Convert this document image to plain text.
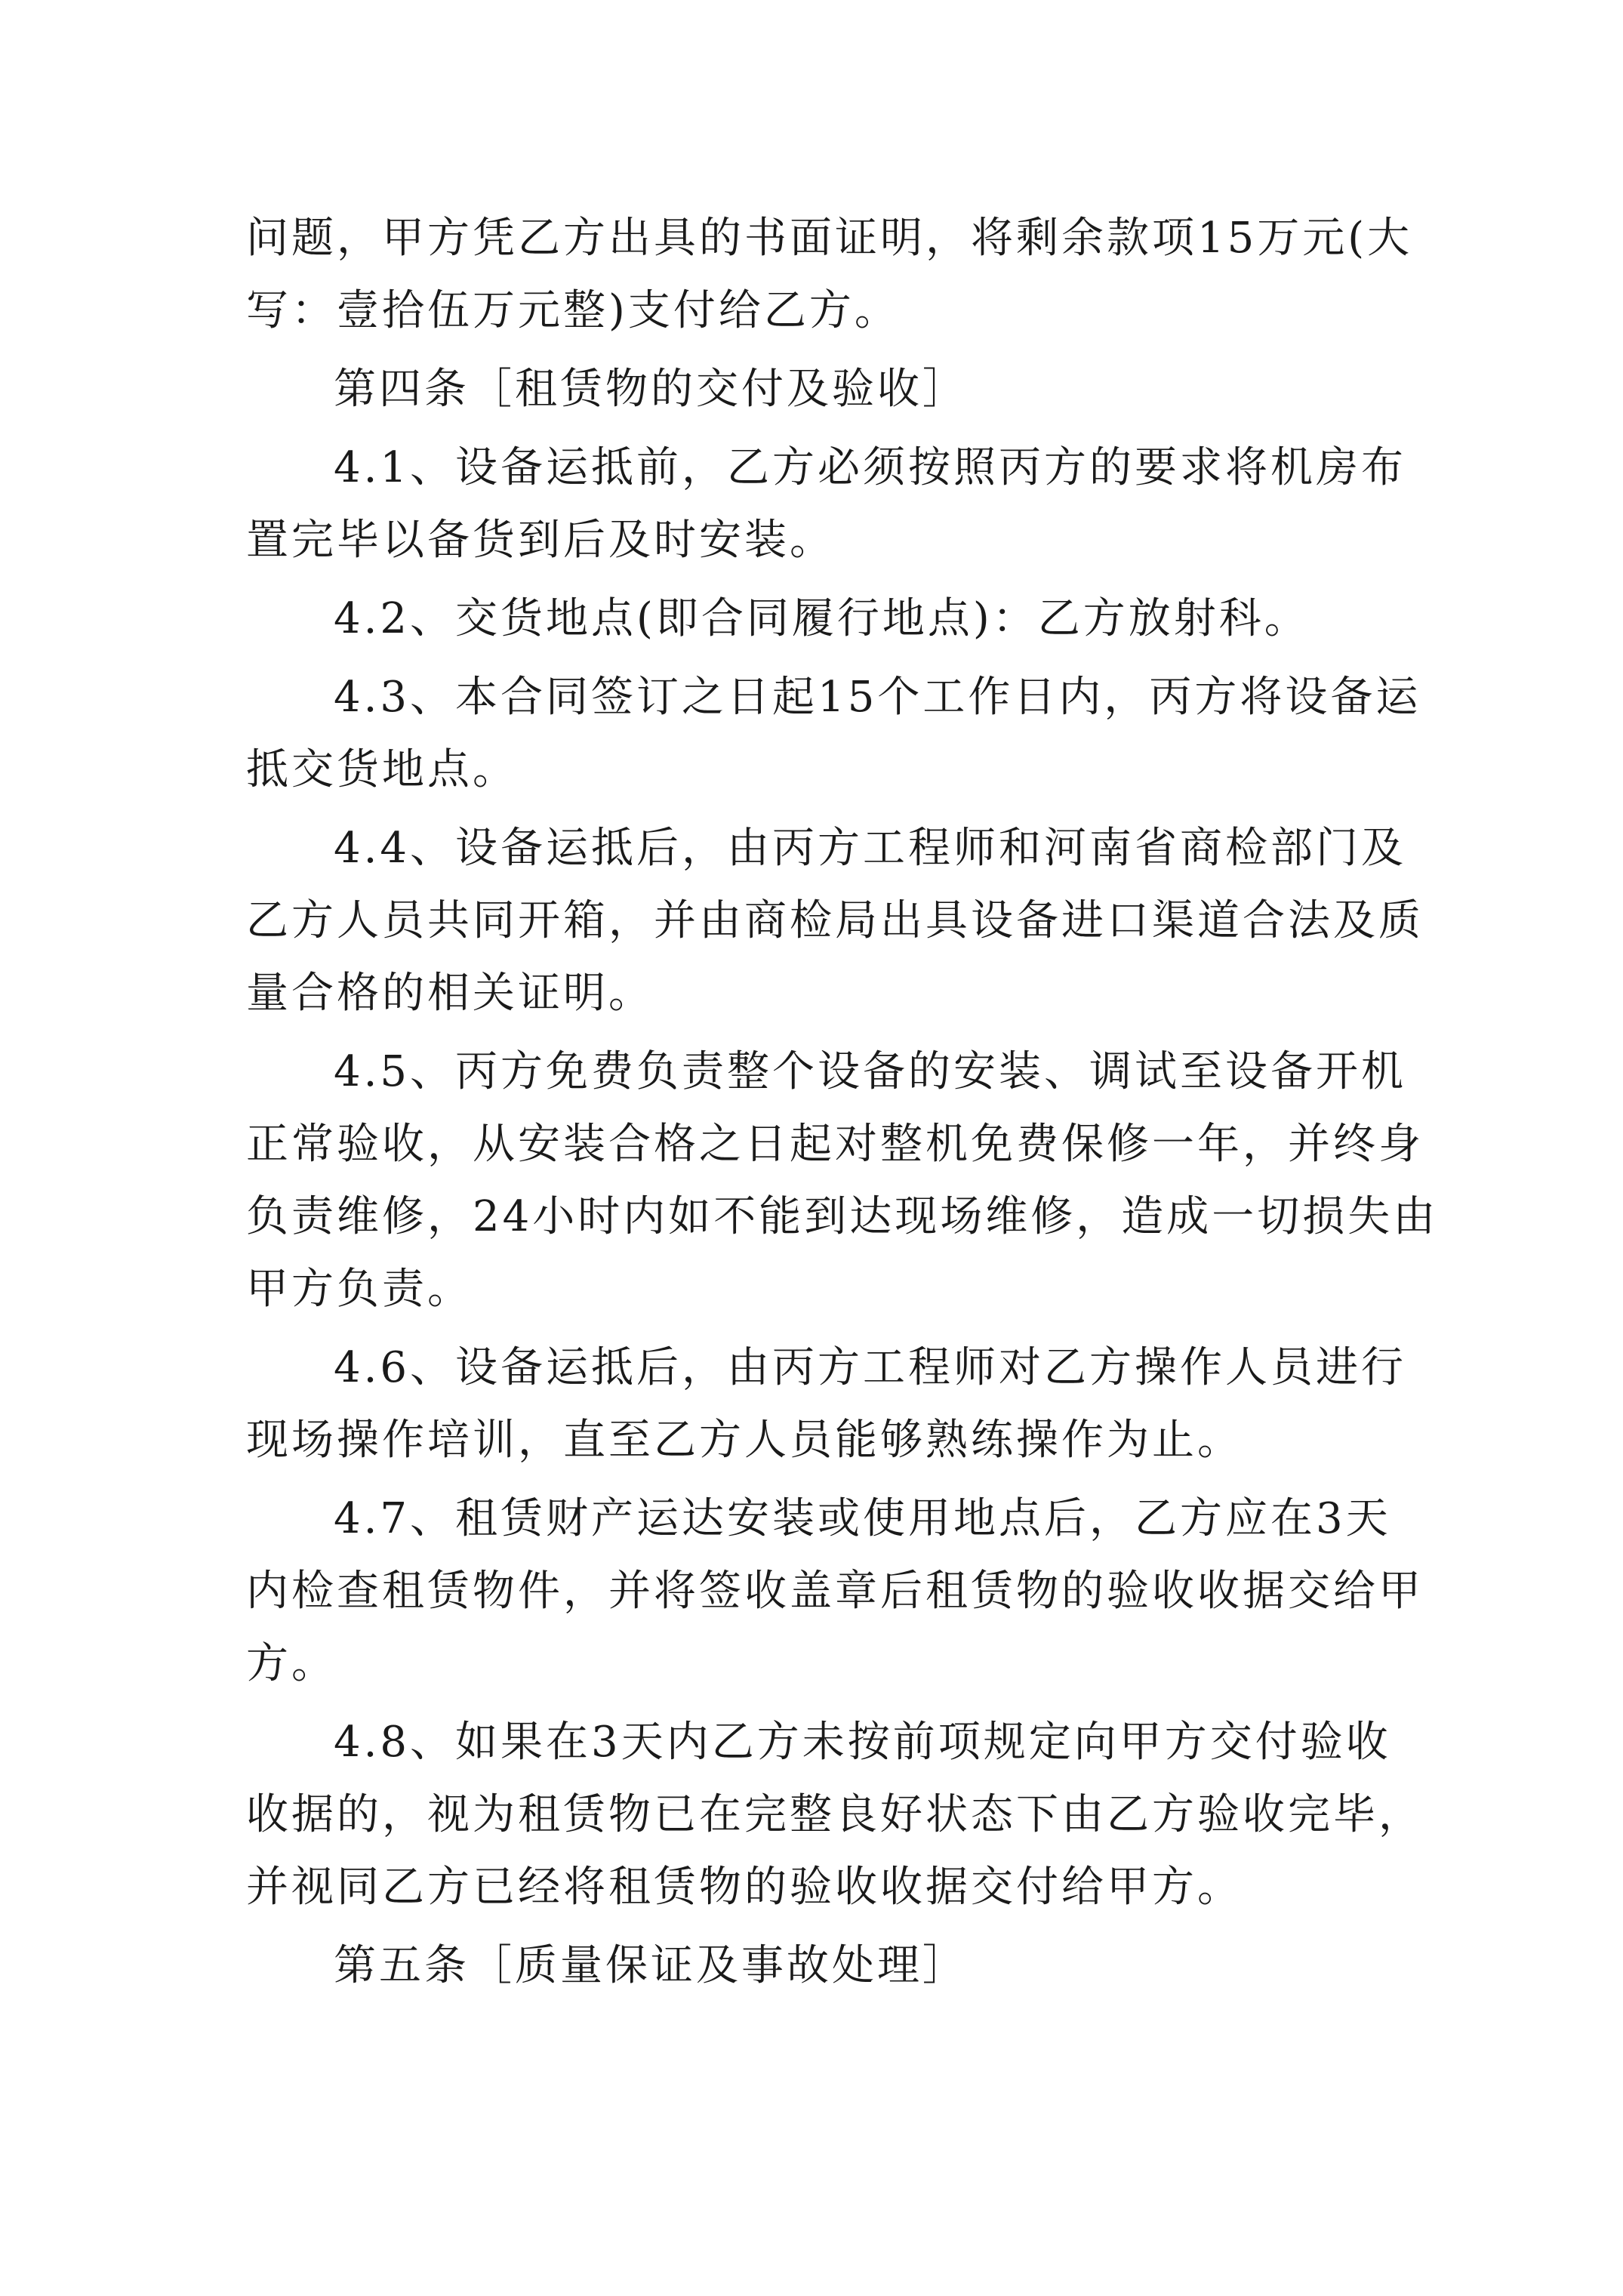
问题，甲方凭乙方出具的书面证明，将剩余款项15万元(大
写：壹拾伍万元整)支付给乙方。
第四条［租赁物的交付及验收］
4.1、设备运抵前，乙方必须按照丙方的要求将机房布
置完毕以备货到后及时安装。
4.2、交货地点(即合同履行地点)：乙方放射科。
4.3、本合同签订之日起15个工作日内，丙方将设备运
抵交货地点。
4.4、设备运抵后，由丙方工程师和河南省商检部门及
乙方人员共同开箱，并由商检局出具设备进口渠道合法及质
量合格的相关证明。
4.5、丙方免费负责整个设备的安装、调试至设备开机
正常验收，从安装合格之日起对整机免费保修一年，并终身
负责维修，24小时内如不能到达现场维修，造成一切损失由
甲方负责。
4.6、设备运抵后，由丙方工程师对乙方操作人员进行
现场操作培训，直至乙方人员能够熟练操作为止。
4.7、租赁财产运达安装或使用地点后，乙方应在3天
内检查租赁物件，并将签收盖章后租赁物的验收收据交给甲
方。
4.8、如果在3天内乙方未按前项规定向甲方交付验收
收据的，视为租赁物已在完整良好状态下由乙方验收完毕，
并视同乙方已经将租赁物的验收收据交付给甲方。
第五条［质量保证及事故处理］
